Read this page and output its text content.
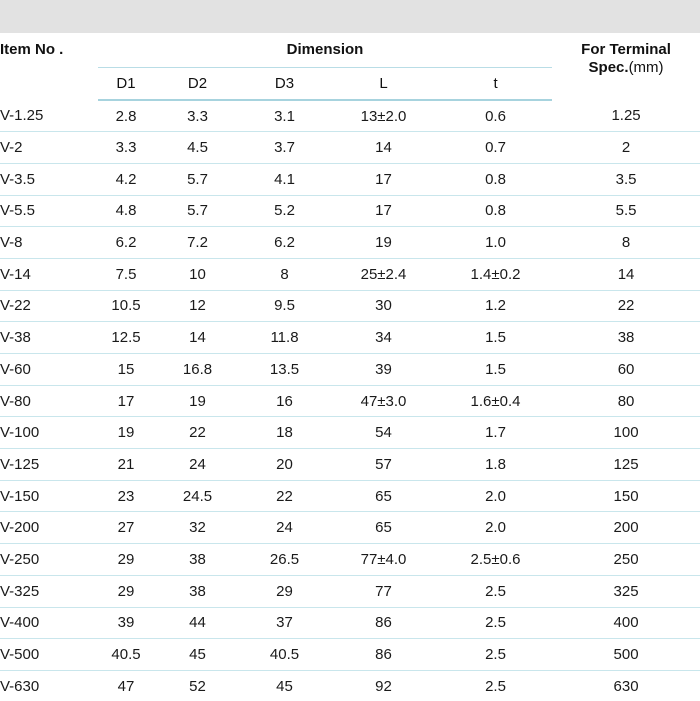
Item No .	Dimension					For Terminal
Spec.(mm)
	D1	D2	D3	L	t	
V-1.25	2.8	3.3	3.1	13±2.0	0.6	1.25
V-2	3.3	4.5	3.7	14	0.7	2
V-3.5	4.2	5.7	4.1	17	0.8	3.5
V-5.5	4.8	5.7	5.2	17	0.8	5.5
V-8	6.2	7.2	6.2	19	1.0	8
V-14	7.5	10	8	25±2.4	1.4±0.2	14
V-22	10.5	12	9.5	30	1.2	22
V-38	12.5	14	11.8	34	1.5	38
V-60	15	16.8	13.5	39	1.5	60
V-80	17	19	16	47±3.0	1.6±0.4	80
V-100	19	22	18	54	1.7	100
V-125	21	24	20	57	1.8	125
V-150	23	24.5	22	65	2.0	150
V-200	27	32	24	65	2.0	200
V-250	29	38	26.5	77±4.0	2.5±0.6	250
V-325	29	38	29	77	2.5	325
V-400	39	44	37	86	2.5	400
V-500	40.5	45	40.5	86	2.5	500
V-630	47	52	45	92	2.5	630
